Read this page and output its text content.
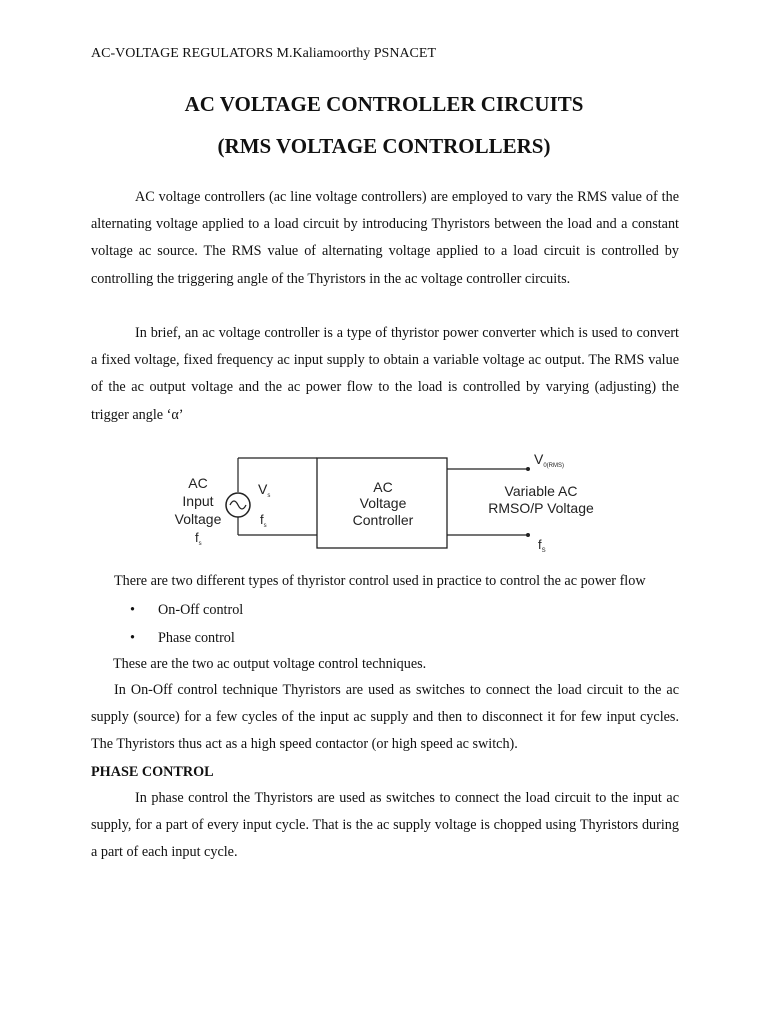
AC-VOLTAGE REGULATORS M.Kaliamoorthy PSNACET
AC VOLTAGE CONTROLLER CIRCUITS
(RMS VOLTAGE CONTROLLERS)
AC voltage controllers (ac line voltage controllers) are employed to vary the RMS value of the alternating voltage applied to a load circuit by introducing Thyristors between the load and a constant voltage ac source. The RMS value of alternating voltage applied to a load circuit is controlled by controlling the triggering angle of the Thyristors in the ac voltage controller circuits.
In brief, an ac voltage controller is a type of thyristor power converter which is used to convert a fixed voltage, fixed frequency ac input supply to obtain a variable voltage ac output. The RMS value of the ac output voltage and the ac power flow to the load is controlled by varying (adjusting) the trigger angle ‘α’
AC
Input
Voltage
$f_s$
$V_s$
$f_s$
AC
Voltage
Controller
Variable AC
RMSO/P Voltage
$V_{0(RMS)}$
$f_S$
There are two different types of thyristor control used in practice to control the ac power flow
• On-Off control
• Phase control
These are the two ac output voltage control techniques.
In On-Off control technique Thyristors are used as switches to connect the load circuit to the ac supply (source) for a few cycles of the input ac supply and then to disconnect it for few input cycles. The Thyristors thus act as a high speed contactor (or high speed ac switch).
PHASE CONTROL
In phase control the Thyristors are used as switches to connect the load circuit to the input ac supply, for a part of every input cycle. That is the ac supply voltage is chopped using Thyristors during a part of each input cycle.
